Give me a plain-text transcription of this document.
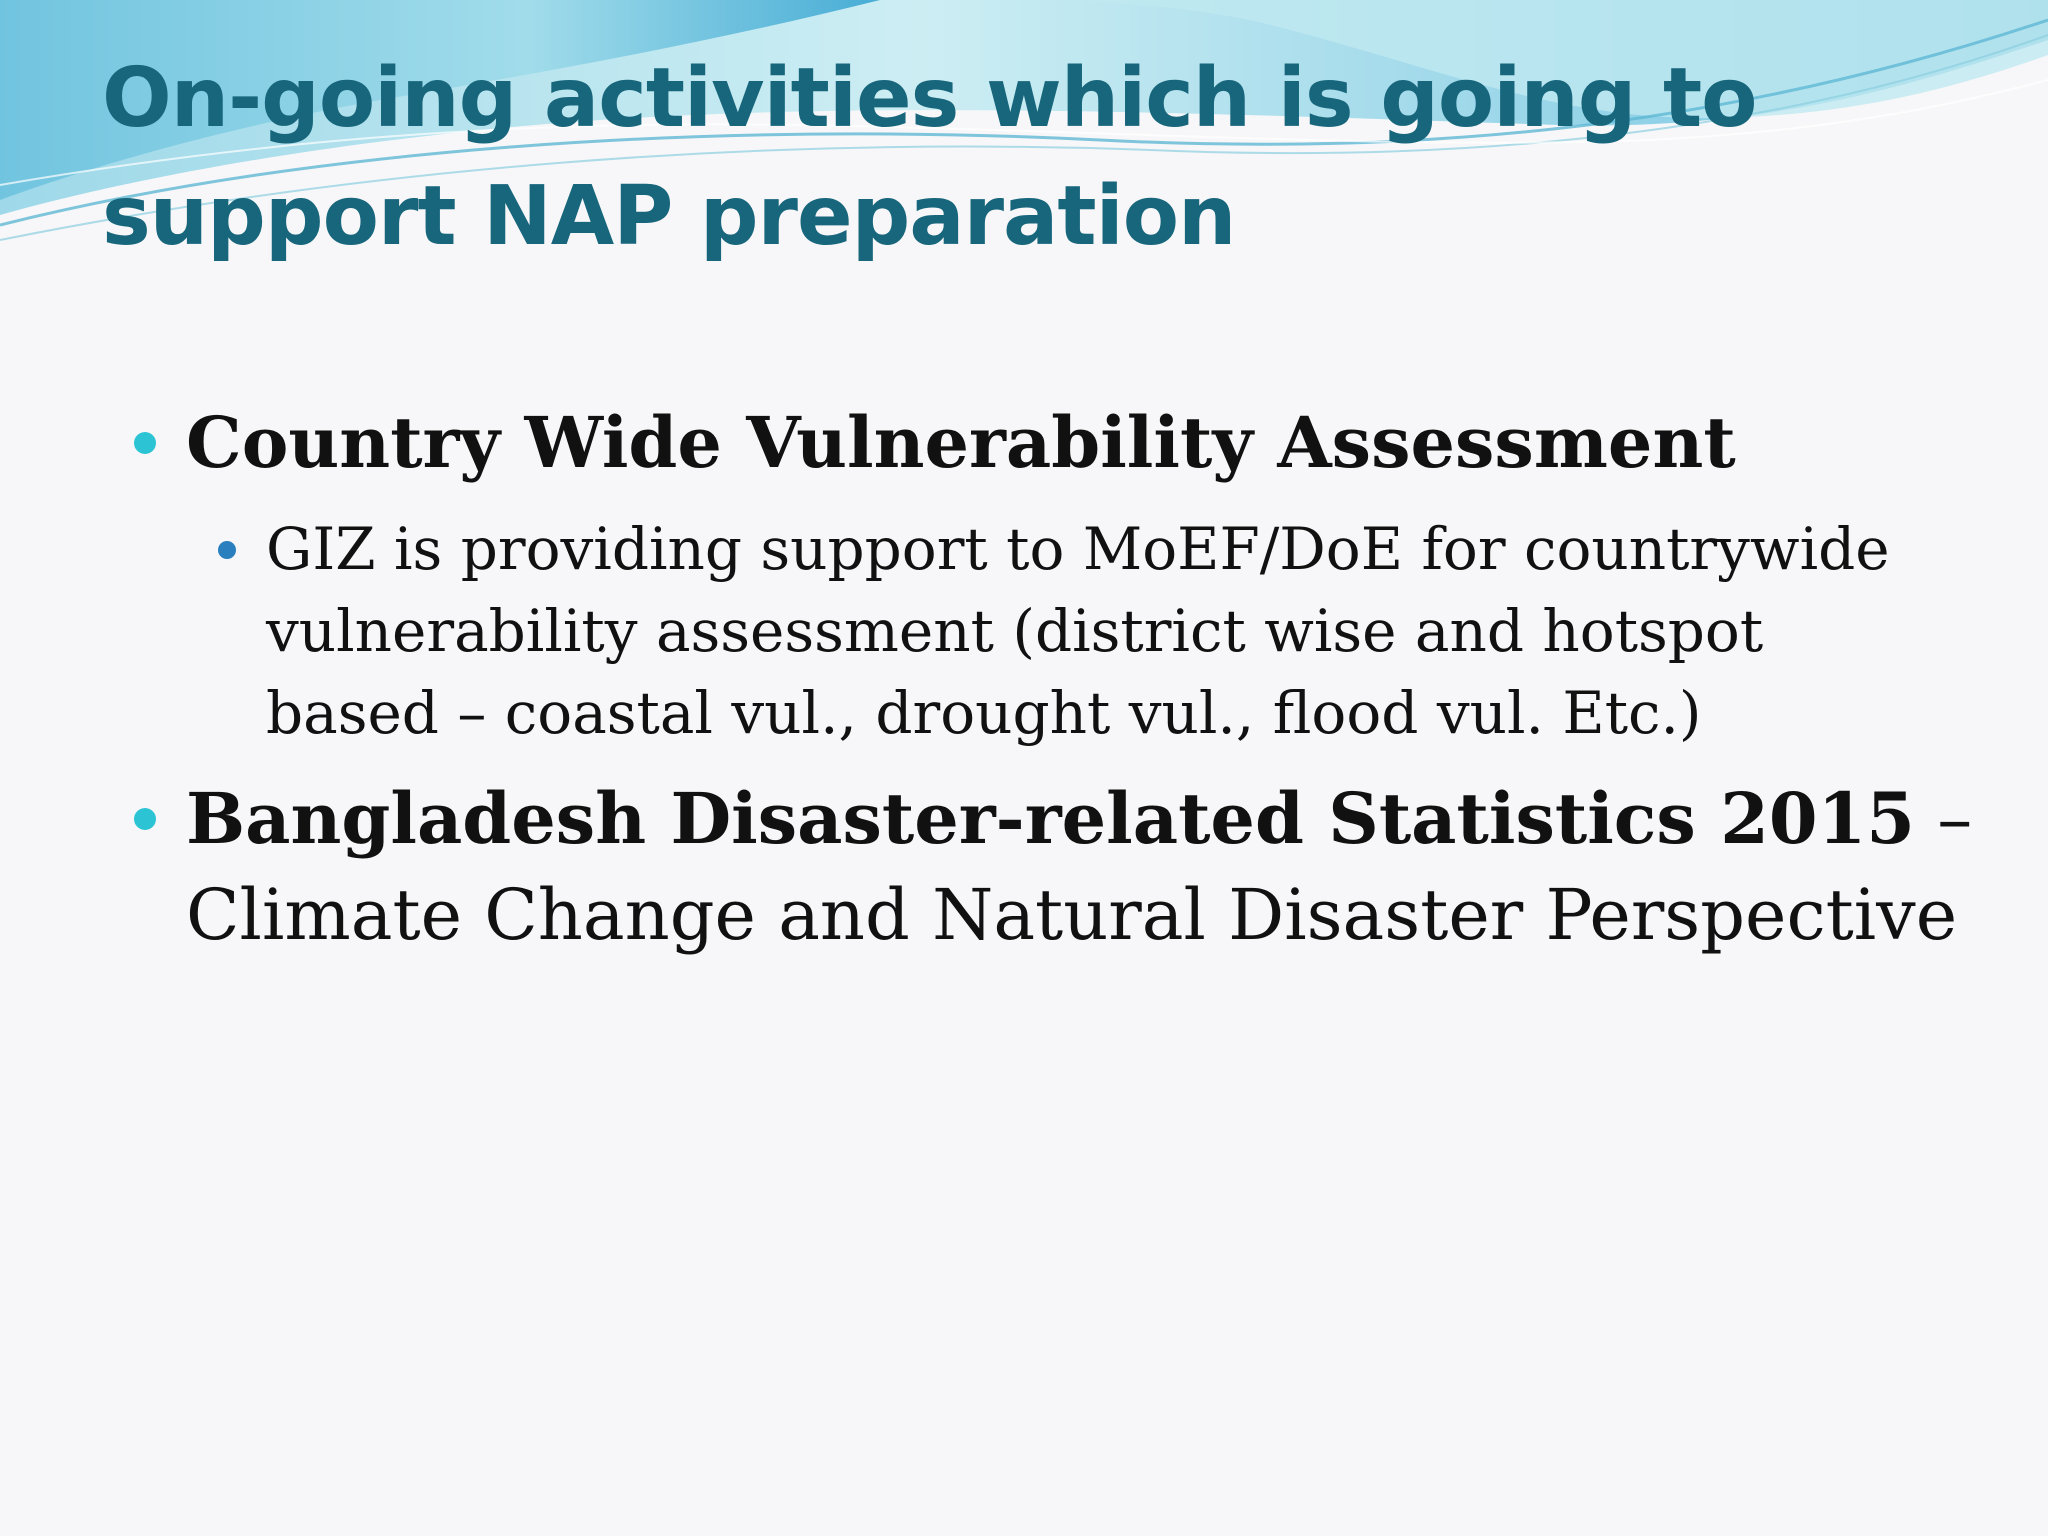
On-going activities which is going to
support NAP preparation
Country Wide Vulnerability Assessment
GIZ is providing support to MoEF/DoE for countrywide
vulnerability assessment (district wise and hotspot
based – coastal vul., drought vul., flood vul. Etc.)
Bangladesh Disaster-related Statistics 2015 –
Climate Change and Natural Disaster Perspective
